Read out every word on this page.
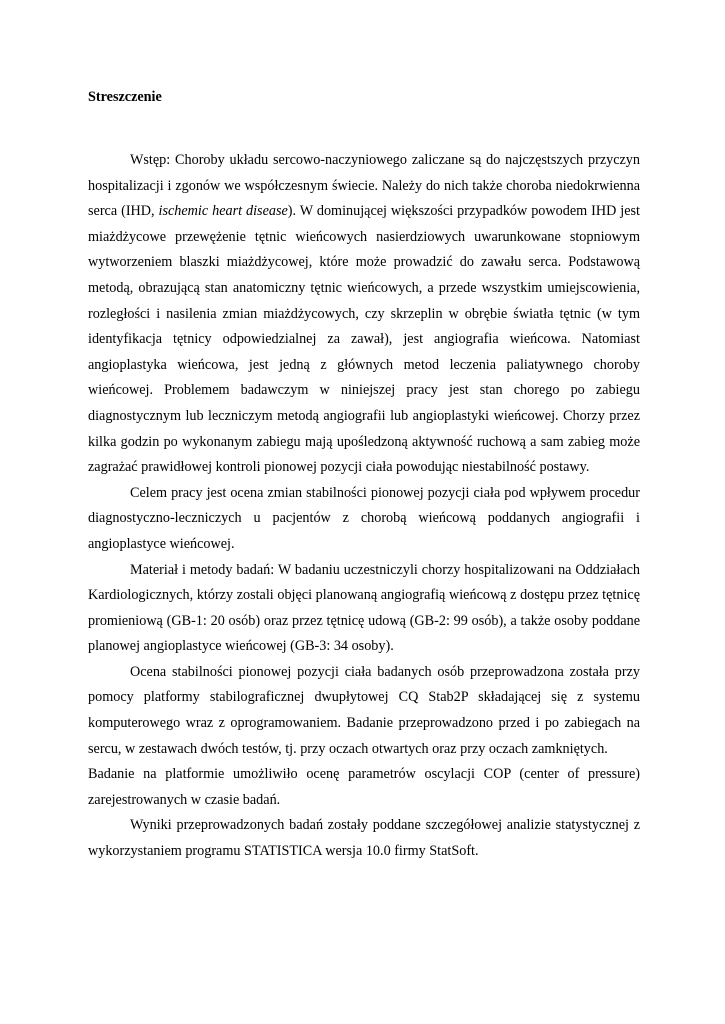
Streszczenie

Wstęp: Choroby układu sercowo-naczyniowego zaliczane są do najczęstszych przyczyn hospitalizacji i zgonów we współczesnym świecie. Należy do nich także choroba niedokrwienna serca (IHD, ischemic heart disease). W dominującej większości przypadków powodem IHD jest miażdżycowe przewężenie tętnic wieńcowych nasierdziowych uwarunkowane stopniowym wytworzeniem blaszki miażdżycowej, które może prowadzić do zawału serca. Podstawową metodą, obrazującą stan anatomiczny tętnic wieńcowych, a przede wszystkim umiejscowienia, rozległości i nasilenia zmian miażdżycowych, czy skrzeplin w obrębie światła tętnic (w tym identyfikacja tętnicy odpowiedzialnej za zawał), jest angiografia wieńcowa. Natomiast angioplastyka wieńcowa, jest jedną z głównych metod leczenia paliatywnego choroby wieńcowej. Problemem badawczym w niniejszej pracy jest stan chorego po zabiegu diagnostycznym lub leczniczym metodą angiografii lub angioplastyki wieńcowej. Chorzy przez kilka godzin po wykonanym zabiegu mają upośledzoną aktywność ruchową a sam zabieg może zagrażać prawidłowej kontroli pionowej pozycji ciała powodując niestabilność postawy.

Celem pracy jest ocena zmian stabilności pionowej pozycji ciała pod wpływem procedur diagnostyczno-leczniczych u pacjentów z chorobą wieńcową poddanych angiografii i angioplastyce wieńcowej.

Materiał i metody badań: W badaniu uczestniczyli chorzy hospitalizowani na Oddziałach Kardiologicznych, którzy zostali objęci planowaną angiografią wieńcową z dostępu przez tętnicę promieniową (GB-1: 20 osób) oraz przez tętnicę udową (GB-2: 99 osób), a także osoby poddane planowej angioplastyce wieńcowej (GB-3: 34 osoby).

Ocena stabilności pionowej pozycji ciała badanych osób przeprowadzona została przy pomocy platformy stabilograficznej dwupłytowej CQ Stab2P składającej się z systemu komputerowego wraz z oprogramowaniem. Badanie przeprowadzono przed i po zabiegach na sercu, w zestawach dwóch testów, tj. przy oczach otwartych oraz przy oczach zamkniętych.

Badanie na platformie umożliwiło ocenę parametrów oscylacji COP (center of pressure) zarejestrowanych w czasie badań.

Wyniki przeprowadzonych badań zostały poddane szczegółowej analizie statystycznej z wykorzystaniem programu STATISTICA wersja 10.0 firmy StatSoft.
